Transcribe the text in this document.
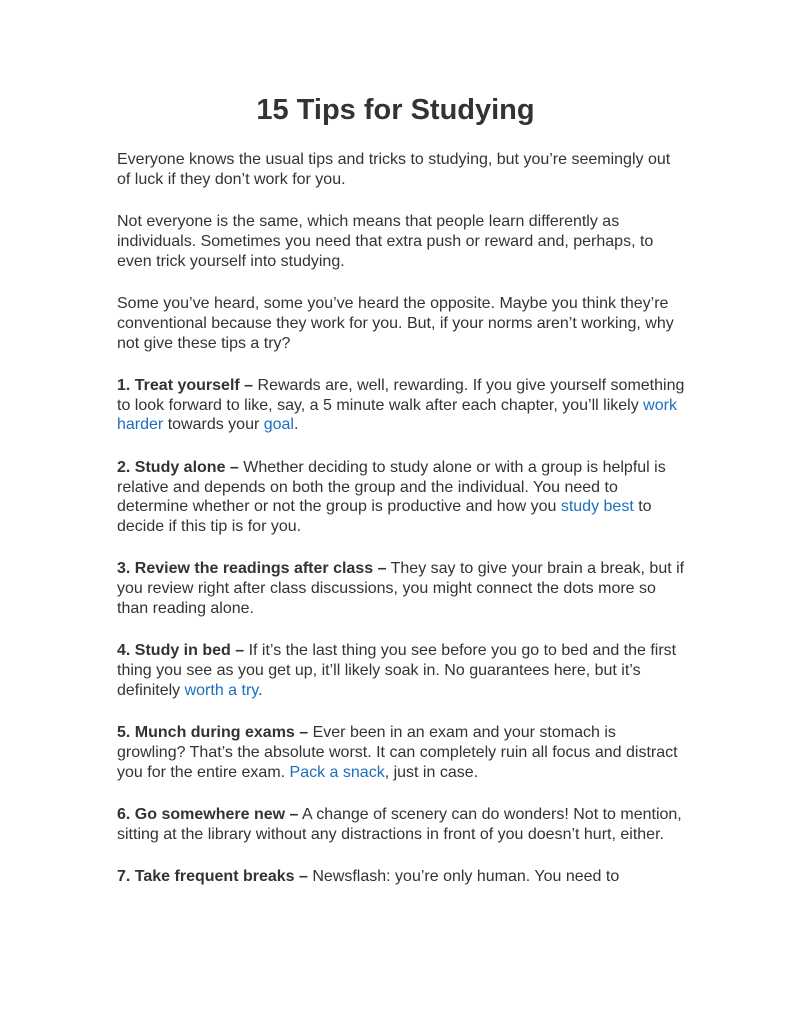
15 Tips for Studying

Everyone knows the usual tips and tricks to studying, but you’re seemingly out of luck if they don’t work for you.

Not everyone is the same, which means that people learn differently as individuals. Sometimes you need that extra push or reward and, perhaps, to even trick yourself into studying.

Some you’ve heard, some you’ve heard the opposite. Maybe you think they’re conventional because they work for you. But, if your norms aren’t working, why not give these tips a try?

1. Treat yourself – Rewards are, well, rewarding. If you give yourself something to look forward to like, say, a 5 minute walk after each chapter, you’ll likely work harder towards your goal.

2. Study alone – Whether deciding to study alone or with a group is helpful is relative and depends on both the group and the individual. You need to determine whether or not the group is productive and how you study best to decide if this tip is for you.

3. Review the readings after class – They say to give your brain a break, but if you review right after class discussions, you might connect the dots more so than reading alone.

4. Study in bed – If it’s the last thing you see before you go to bed and the first thing you see as you get up, it’ll likely soak in. No guarantees here, but it’s definitely worth a try.

5. Munch during exams – Ever been in an exam and your stomach is growling? That’s the absolute worst. It can completely ruin all focus and distract you for the entire exam. Pack a snack, just in case.

6. Go somewhere new – A change of scenery can do wonders! Not to mention, sitting at the library without any distractions in front of you doesn’t hurt, either.

7. Take frequent breaks – Newsflash: you’re only human. You need to
